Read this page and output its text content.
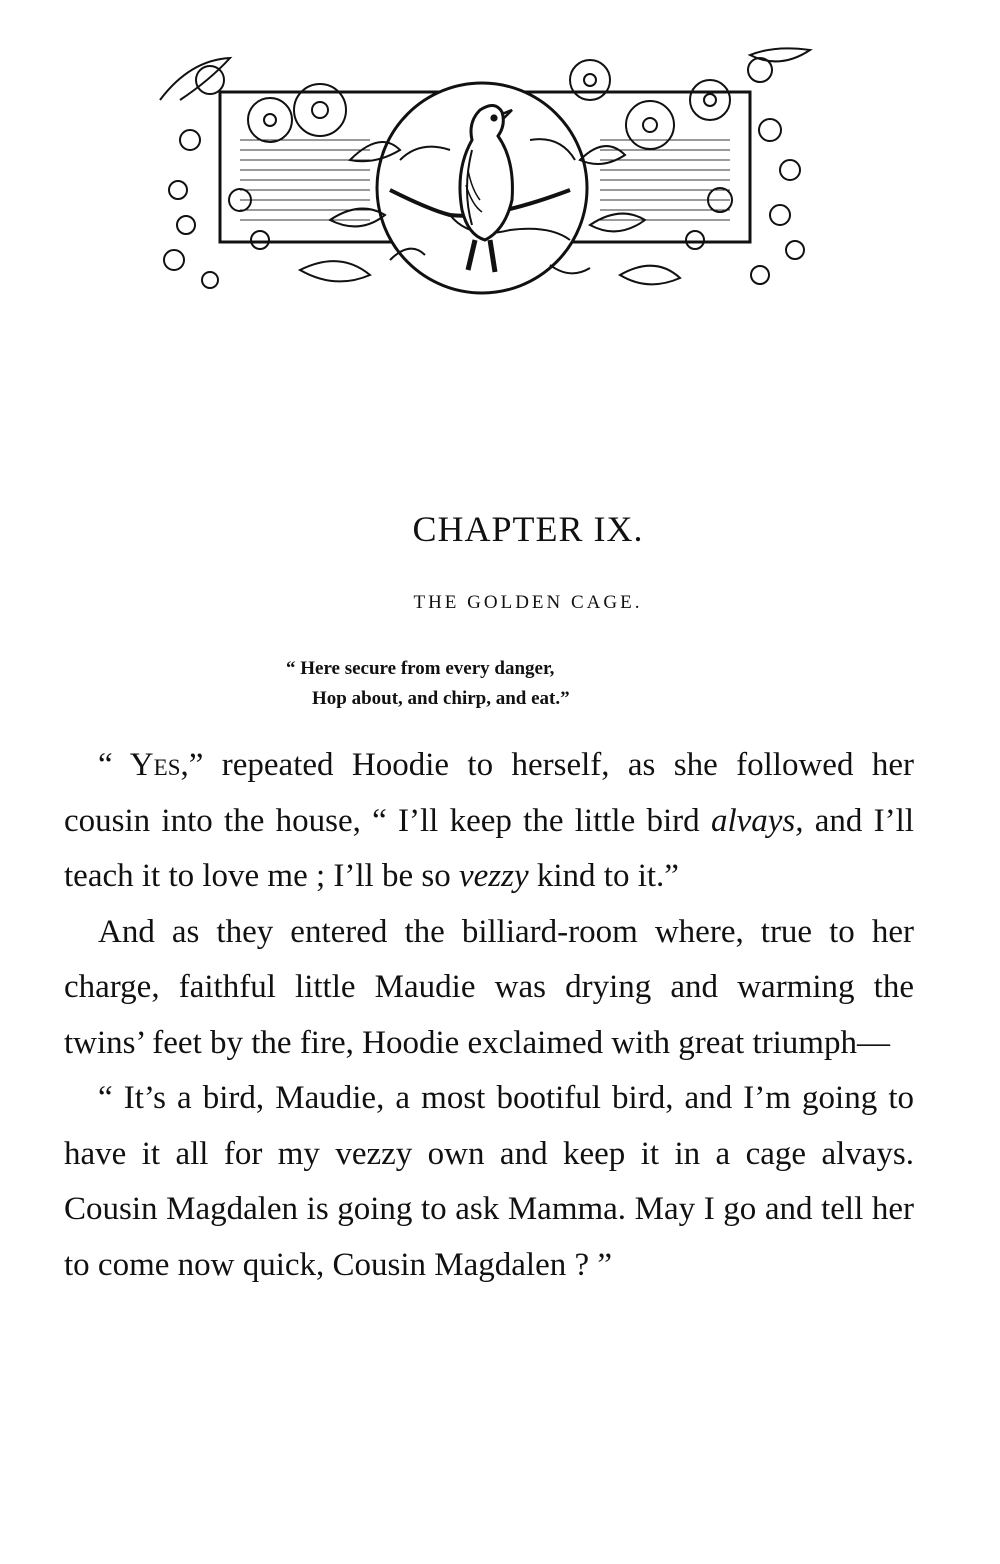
CHAPTER IX.
THE GOLDEN CAGE.
“ Here secure from every danger,
Hop about, and chirp, and eat.”

“ Yes,” repeated Hoodie to herself, as she followed her cousin into the house, “ I’ll keep the little bird alvays, and I’ll teach it to love me ; I’ll be so vezzy kind to it.”

And as they entered the billiard-room where, true to her charge, faithful little Maudie was drying and warming the twins’ feet by the fire, Hoodie exclaimed with great triumph—

“ It’s a bird, Maudie, a most bootiful bird, and I’m going to have it all for my vezzy own and keep it in a cage alvays. Cousin Magdalen is going to ask Mamma. May I go and tell her to come now quick, Cousin Magdalen ? ”
